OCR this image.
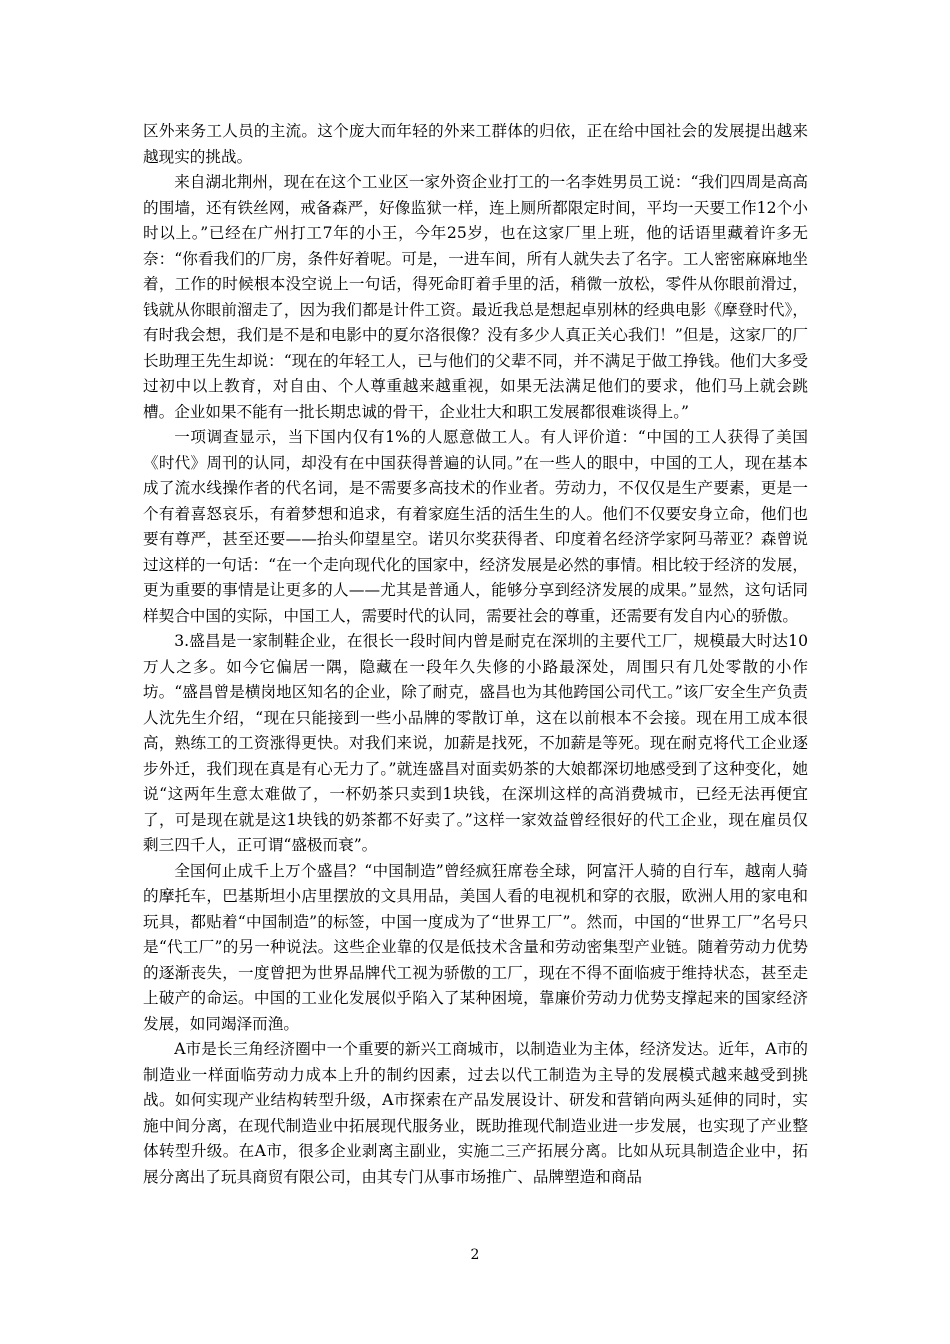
区外来务工人员的主流。这个庞大而年轻的外来工群体的归依，正在给中国社会的发展提出越来越现实的挑战。

来自湖北荆州，现在在这个工业区一家外资企业打工的一名李姓男员工说：“我们四周是高高的围墙，还有铁丝网，戒备森严，好像监狱一样，连上厕所都限定时间，平均一天要工作12个小时以上。”已经在广州打工7年的小王，今年25岁，也在这家厂里上班，他的话语里藏着许多无奈：“你看我们的厂房，条件好着呢。可是，一进车间，所有人就失去了名字。工人密密麻麻地坐着，工作的时候根本没空说上一句话，得死命盯着手里的活，稍微一放松，零件从你眼前滑过，钱就从你眼前溜走了，因为我们都是计件工资。最近我总是想起卓别林的经典电影《摩登时代》，有时我会想，我们是不是和电影中的夏尔洛很像？没有多少人真正关心我们！”但是，这家厂的厂长助理王先生却说：“现在的年轻工人，已与他们的父辈不同，并不满足于做工挣钱。他们大多受过初中以上教育，对自由、个人尊重越来越重视，如果无法满足他们的要求，他们马上就会跳槽。企业如果不能有一批长期忠诚的骨干，企业壮大和职工发展都很难谈得上。”

一项调查显示，当下国内仅有1%的人愿意做工人。有人评价道：“中国的工人获得了美国《时代》周刊的认同，却没有在中国获得普遍的认同。”在一些人的眼中，中国的工人，现在基本成了流水线操作者的代名词，是不需要多高技术的作业者。劳动力，不仅仅是生产要素，更是一个有着喜怒哀乐，有着梦想和追求，有着家庭生活的活生生的人。他们不仅要安身立命，他们也要有尊严，甚至还要——抬头仰望星空。诺贝尔奖获得者、印度着名经济学家阿马蒂亚？森曾说过这样的一句话：“在一个走向现代化的国家中，经济发展是必然的事情。相比较于经济的发展，更为重要的事情是让更多的人——尤其是普通人，能够分享到经济发展的成果。”显然，这句话同样契合中国的实际，中国工人，需要时代的认同，需要社会的尊重，还需要有发自内心的骄傲。

3.盛昌是一家制鞋企业，在很长一段时间内曾是耐克在深圳的主要代工厂，规模最大时达10万人之多。如今它偏居一隅，隐藏在一段年久失修的小路最深处，周围只有几处零散的小作坊。“盛昌曾是横岗地区知名的企业，除了耐克，盛昌也为其他跨国公司代工。”该厂安全生产负责人沈先生介绍，“现在只能接到一些小品牌的零散订单，这在以前根本不会接。现在用工成本很高，熟练工的工资涨得更快。对我们来说，加薪是找死，不加薪是等死。现在耐克将代工企业逐步外迁，我们现在真是有心无力了。”就连盛昌对面卖奶茶的大娘都深切地感受到了这种变化，她说“这两年生意太难做了，一杯奶茶只卖到1块钱，在深圳这样的高消费城市，已经无法再便宜了，可是现在就是这1块钱的奶茶都不好卖了。”这样一家效益曾经很好的代工企业，现在雇员仅剩三四千人，正可谓“盛极而衰”。

全国何止成千上万个盛昌？“中国制造”曾经疯狂席卷全球，阿富汗人骑的自行车，越南人骑的摩托车，巴基斯坦小店里摆放的文具用品，美国人看的电视机和穿的衣服，欧洲人用的家电和玩具，都贴着“中国制造”的标签，中国一度成为了“世界工厂”。然而，中国的“世界工厂”名号只是“代工厂”的另一种说法。这些企业靠的仅是低技术含量和劳动密集型产业链。随着劳动力优势的逐渐丧失，一度曾把为世界品牌代工视为骄傲的工厂，现在不得不面临疲于维持状态，甚至走上破产的命运。中国的工业化发展似乎陷入了某种困境，靠廉价劳动力优势支撑起来的国家经济发展，如同竭泽而渔。

A市是长三角经济圈中一个重要的新兴工商城市，以制造业为主体，经济发达。近年，A市的制造业一样面临劳动力成本上升的制约因素，过去以代工制造为主导的发展模式越来越受到挑战。如何实现产业结构转型升级，A市探索在产品发展设计、研发和营销向两头延伸的同时，实施中间分离，在现代制造业中拓展现代服务业，既助推现代制造业进一步发展，也实现了产业整体转型升级。在A市，很多企业剥离主副业，实施二三产拓展分离。比如从玩具制造企业中，拓展分离出了玩具商贸有限公司，由其专门从事市场推广、品牌塑造和商品

2
